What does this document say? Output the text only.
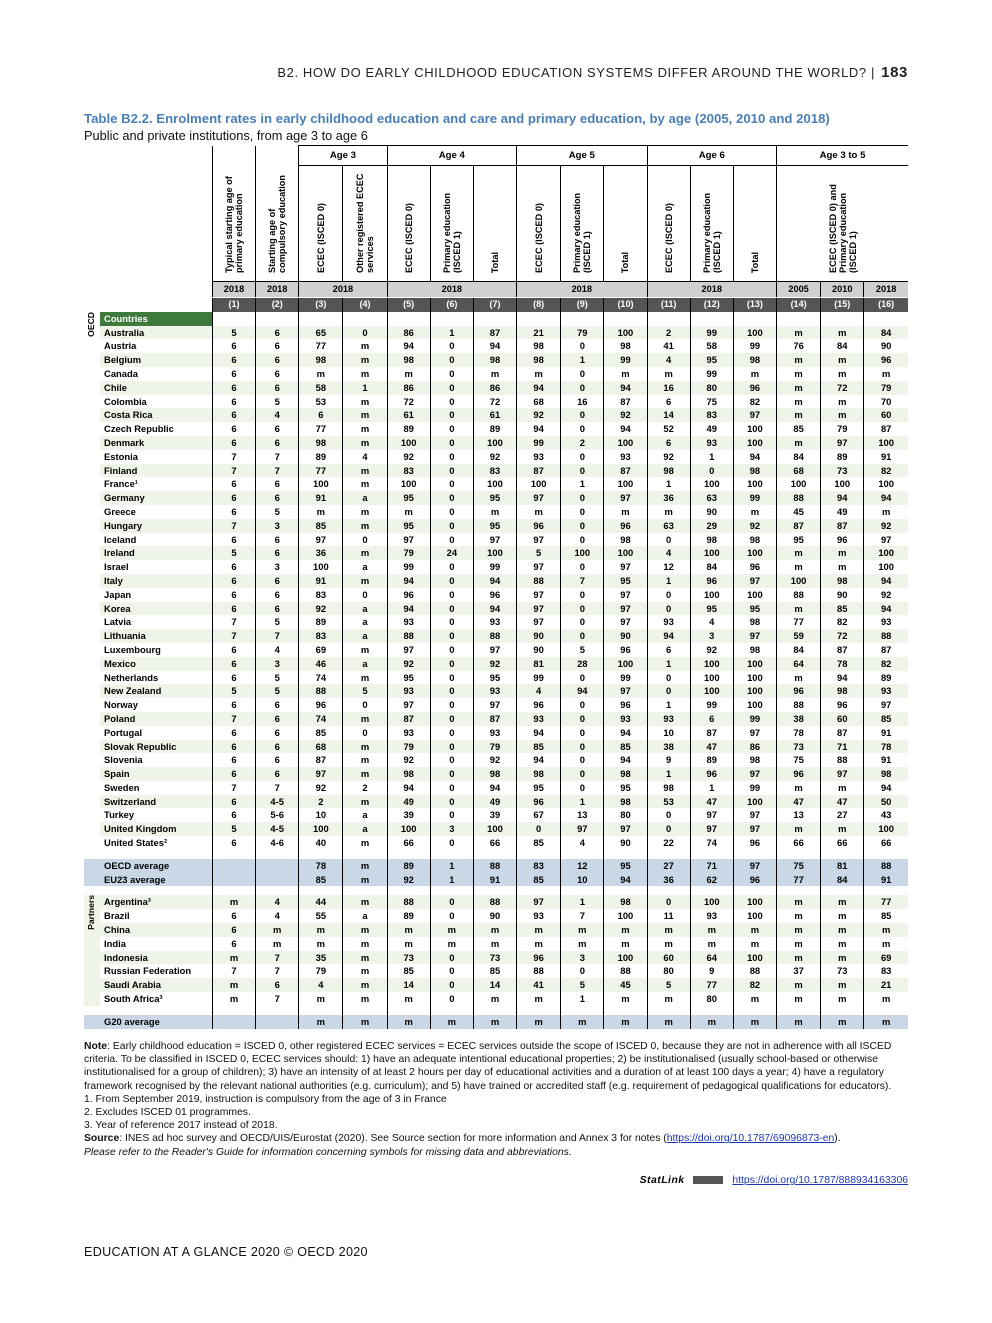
B2. HOW DO EARLY CHILDHOOD EDUCATION SYSTEMS DIFFER AROUND THE WORLD? | 183
Table B2.2. Enrolment rates in early childhood education and care and primary education, by age (2005, 2010 and 2018)
Public and private institutions, from age 3 to age 6
				Age 3		Age 4			Age 5			Age 6			Age 3 to 5		
		Typical starting age of primary education	Starting age of compulsory education	ECEC (ISCED 0)	Other registered ECEC services	ECEC (ISCED 0)	Primary education (ISCED 1)	Total	ECEC (ISCED 0)	Primary education (ISCED 1)	Total	ECEC (ISCED 0)	Primary education (ISCED 1)	Total	ECEC (ISCED 0) and Primary education (ISCED 1)		
		2018	2018	2018		2018			2018			2018			2005	2010	2018
		(1)	(2)	(3)	(4)	(5)	(6)	(7)	(8)	(9)	(10)	(11)	(12)	(13)	(14)	(15)	(16)
OECD	Countries																
	Australia	5	6	65	0	86	1	87	21	79	100	2	99	100	m	m	84
	Austria	6	6	77	m	94	0	94	98	0	98	41	58	99	76	84	90
	Belgium	6	6	98	m	98	0	98	98	1	99	4	95	98	m	m	96
	Canada	6	6	m	m	m	0	m	m	0	m	m	99	m	m	m	m
	Chile	6	6	58	1	86	0	86	94	0	94	16	80	96	m	72	79
	Colombia	6	5	53	m	72	0	72	68	16	87	6	75	82	m	m	70
	Costa Rica	6	4	6	m	61	0	61	92	0	92	14	83	97	m	m	60
	Czech Republic	6	6	77	m	89	0	89	94	0	94	52	49	100	85	79	87
	Denmark	6	6	98	m	100	0	100	99	2	100	6	93	100	m	97	100
	Estonia	7	7	89	4	92	0	92	93	0	93	92	1	94	84	89	91
	Finland	7	7	77	m	83	0	83	87	0	87	98	0	98	68	73	82
	France¹	6	6	100	m	100	0	100	100	1	100	1	100	100	100	100	100
	Germany	6	6	91	a	95	0	95	97	0	97	36	63	99	88	94	94
	Greece	6	5	m	m	m	0	m	m	0	m	m	90	m	45	49	m
	Hungary	7	3	85	m	95	0	95	96	0	96	63	29	92	87	87	92
	Iceland	6	6	97	0	97	0	97	97	0	98	0	98	98	95	96	97
	Ireland	5	6	36	m	79	24	100	5	100	100	4	100	100	m	m	100
	Israel	6	3	100	a	99	0	99	97	0	97	12	84	96	m	m	100
	Italy	6	6	91	m	94	0	94	88	7	95	1	96	97	100	98	94
	Japan	6	6	83	0	96	0	96	97	0	97	0	100	100	88	90	92
	Korea	6	6	92	a	94	0	94	97	0	97	0	95	95	m	85	94
	Latvia	7	5	89	a	93	0	93	97	0	97	93	4	98	77	82	93
	Lithuania	7	7	83	a	88	0	88	90	0	90	94	3	97	59	72	88
	Luxembourg	6	4	69	m	97	0	97	90	5	96	6	92	98	84	87	87
	Mexico	6	3	46	a	92	0	92	81	28	100	1	100	100	64	78	82
	Netherlands	6	5	74	m	95	0	95	99	0	99	0	100	100	m	94	89
	New Zealand	5	5	88	5	93	0	93	4	94	97	0	100	100	96	98	93
	Norway	6	6	96	0	97	0	97	96	0	96	1	99	100	88	96	97
	Poland	7	6	74	m	87	0	87	93	0	93	93	6	99	38	60	85
	Portugal	6	6	85	0	93	0	93	94	0	94	10	87	97	78	87	91
	Slovak Republic	6	6	68	m	79	0	79	85	0	85	38	47	86	73	71	78
	Slovenia	6	6	87	m	92	0	92	94	0	94	9	89	98	75	88	91
	Spain	6	6	97	m	98	0	98	98	0	98	1	96	97	96	97	98
	Sweden	7	7	92	2	94	0	94	95	0	95	98	1	99	m	m	94
	Switzerland	6	4-5	2	m	49	0	49	96	1	98	53	47	100	47	47	50
	Turkey	6	5-6	10	a	39	0	39	67	13	80	0	97	97	13	27	43
	United Kingdom	5	4-5	100	a	100	3	100	0	97	97	0	97	97	m	m	100
	United States²	6	4-6	40	m	66	0	66	85	4	90	22	74	96	66	66	66

	OECD average			78	m	89	1	88	83	12	95	27	71	97	75	81	88
	EU23 average			85	m	92	1	91	85	10	94	36	62	96	77	84	91

Partners	Argentina³	m	4	44	m	88	0	88	97	1	98	0	100	100	m	m	77
	Brazil	6	4	55	a	89	0	90	93	7	100	11	93	100	m	m	85
	China	6	m	m	m	m	m	m	m	m	m	m	m	m	m	m	m
	India	6	m	m	m	m	m	m	m	m	m	m	m	m	m	m	m
	Indonesia	m	7	35	m	73	0	73	96	3	100	60	64	100	m	m	69
	Russian Federation	7	7	79	m	85	0	85	88	0	88	80	9	88	37	73	83
	Saudi Arabia	m	6	4	m	14	0	14	41	5	45	5	77	82	m	m	21
	South Africa³	m	7	m	m	m	0	m	m	1	m	m	80	m	m	m	m

	G20 average			m	m	m	m	m	m	m	m	m	m	m	m	m	m
Note: Early childhood education = ISCED 0, other registered ECEC services = ECEC services outside the scope of ISCED 0, because they are not in adherence with all ISCED criteria. To be classified in ISCED 0, ECEC services should: 1) have an adequate intentional educational properties; 2) be institutionalised (usually school-based or otherwise institutionalised for a group of children); 3) have an intensity of at least 2 hours per day of educational activities and a duration of at least 100 days a year; 4) have a regulatory framework recognised by the relevant national authorities (e.g. curriculum); and 5) have trained or accredited staff (e.g. requirement of pedagogical qualifications for educators).
1. From September 2019, instruction is compulsory from the age of 3 in France
2. Excludes ISCED 01 programmes.
3. Year of reference 2017 instead of 2018.
Source: INES ad hoc survey and OECD/UIS/Eurostat (2020). See Source section for more information and Annex 3 for notes (https://doi.org/10.1787/69096873-en).
Please refer to the Reader's Guide for information concerning symbols for missing data and abbreviations.
StatLink	https://doi.org/10.1787/888934163306
EDUCATION AT A GLANCE 2020 © OECD 2020
